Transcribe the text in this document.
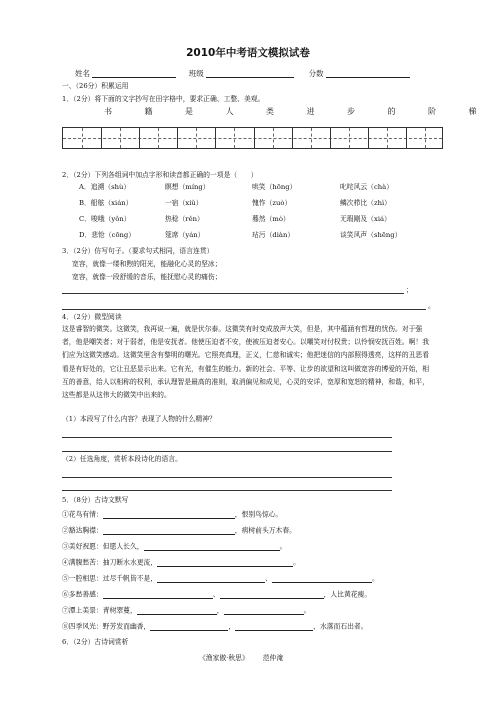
2010年中考语文模拟试卷
姓名	班级	分数
一、（26分）积累运用
1．（2分）将下面的文字抄写在田字格中，要求正确、工整、美观。
书	籍	是	人	类	进	步	的	阶	梯
2．（2分）下列各组词中加点字形和读音都正确的一项是（　　）
A．追溯（shù）	瞑想（míng）	哄笑（hōng）	叱咤风云（chà）
B．船舷（xián）	一宿（xiǔ）	愧怍（zuò）	鳞次栉比（zhì）
C．唆哦（yǒn）	热稔（rěn）	蓦然（mò）	无瑕剛及（xiá）
D．悲怆（cōng）	筵席（yán）	玷污（diàn）	谈笑风声（shēng）
3．（2分）仿写句子。（要求句式相同，语言连贯）
宽容，就像一缕和煦的阳光，能融化心灵的坚冰；
宽容，就像一段舒缓的音乐，能抚慰心灵的痛伤；
；
。
4．（2分）微型阅读
这是睿智的微笑。这微笑，我再说一遍，就是伏尔泰。这微笑有时变成放声大笑，但是，其中蕴涵有哲理的忧伤。对于强者，他是嘲笑者；对于弱者，他是安抚者。他使压迫者不安，使被压迫者安心。以嘲笑对付权贵；以怜悯安抚百姓。啊！我们应为这微笑感动。这微笑里含有黎明的曙光。它照亮真理，正义，仁慈和诚实；他把迷信的内部照得透亮，这样的丑恶看看是有好处的，它让丑恶显示出来。它有光，有催生的能力。新的社会、平等、让步的欲望和这叫做宽容的博爱的开始，相互的善意，给人以相称的权利，承认理智是最高的准则，取消偏见和成见，心灵的安详，宽厚和宽恕的精神，和谐，和平，这些都是从这伟大的微笑中出来的。
（1）本段写了什么内容？表现了人物的什么精神？
（2）任选角度，赏析本段诗化的语言。
5．（8分）古诗文默写
①花鸟有情：	，恨别鸟惊心。
②豁达胸襟：	，病树前头万木春。
③美好祝愿：但愿人长久，	。
④满腹愁苦：抽刀断水水更流，	。
⑤一腔相思：过尽千帆皆不是，	、	。
⑥多愁善感：	、	，人比黄花瘦。
⑦潭上美景：青树翠蔓，	，	。
⑧四季风光：野芳发而幽香，	，	，水落而石出者。
6．（2分）古诗词赏析
《渔家傲·秋思》 范仲淹
